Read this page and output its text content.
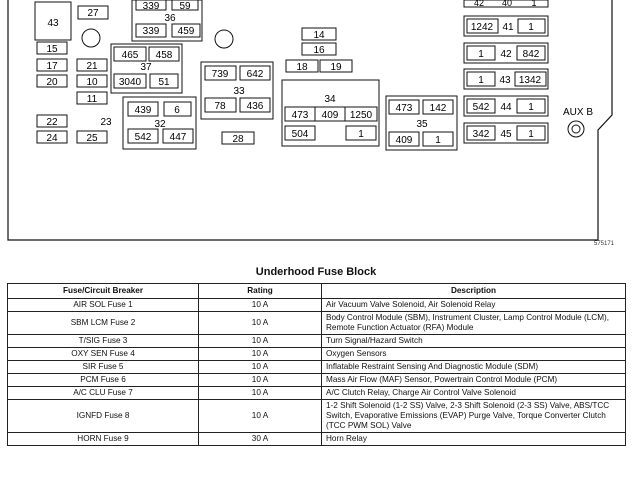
43
27
15
17	21
20	10
11
22
24	25
23
339 59
36
339 459
465 458
37
3040 51
439 6
32
542 447
739 642
33
78 436
28
14
16
18 19
34
473 409 1250
504	1
473 142
35
409 1
42 40 1
1242 41 1
1 42 842
1 43 1342
542 44 1
342 45 1
AUX B
575171
Underhood Fuse Block
Fuse/Circuit Breaker	Rating	Description
AIR SOL Fuse 1	10 A	Air Vacuum Valve Solenoid, Air Solenoid Relay
SBM LCM Fuse 2	10 A	Body Control Module (SBM), Instrument Cluster, Lamp Control Module (LCM), Remote Function Actuator (RFA) Module
T/SIG Fuse 3	10 A	Turn Signal/Hazard Switch
OXY SEN Fuse 4	10 A	Oxygen Sensors
SIR Fuse 5	10 A	Inflatable Restraint Sensing And Diagnostic Module (SDM)
PCM Fuse 6	10 A	Mass Air Flow (MAF) Sensor, Powertrain Control Module (PCM)
A/C CLU Fuse 7	10 A	A/C Clutch Relay, Charge Air Control Valve Solenoid
IGNFD Fuse 8	10 A	1-2 Shift Solenoid (1-2 SS) Valve, 2-3 Shift Solenoid (2-3 SS) Valve, ABS/TCC Switch, Evaporative Emissions (EVAP) Purge Valve, Torque Converter Clutch (TCC PWM SOL) Valve
HORN Fuse 9	30 A	Horn Relay
